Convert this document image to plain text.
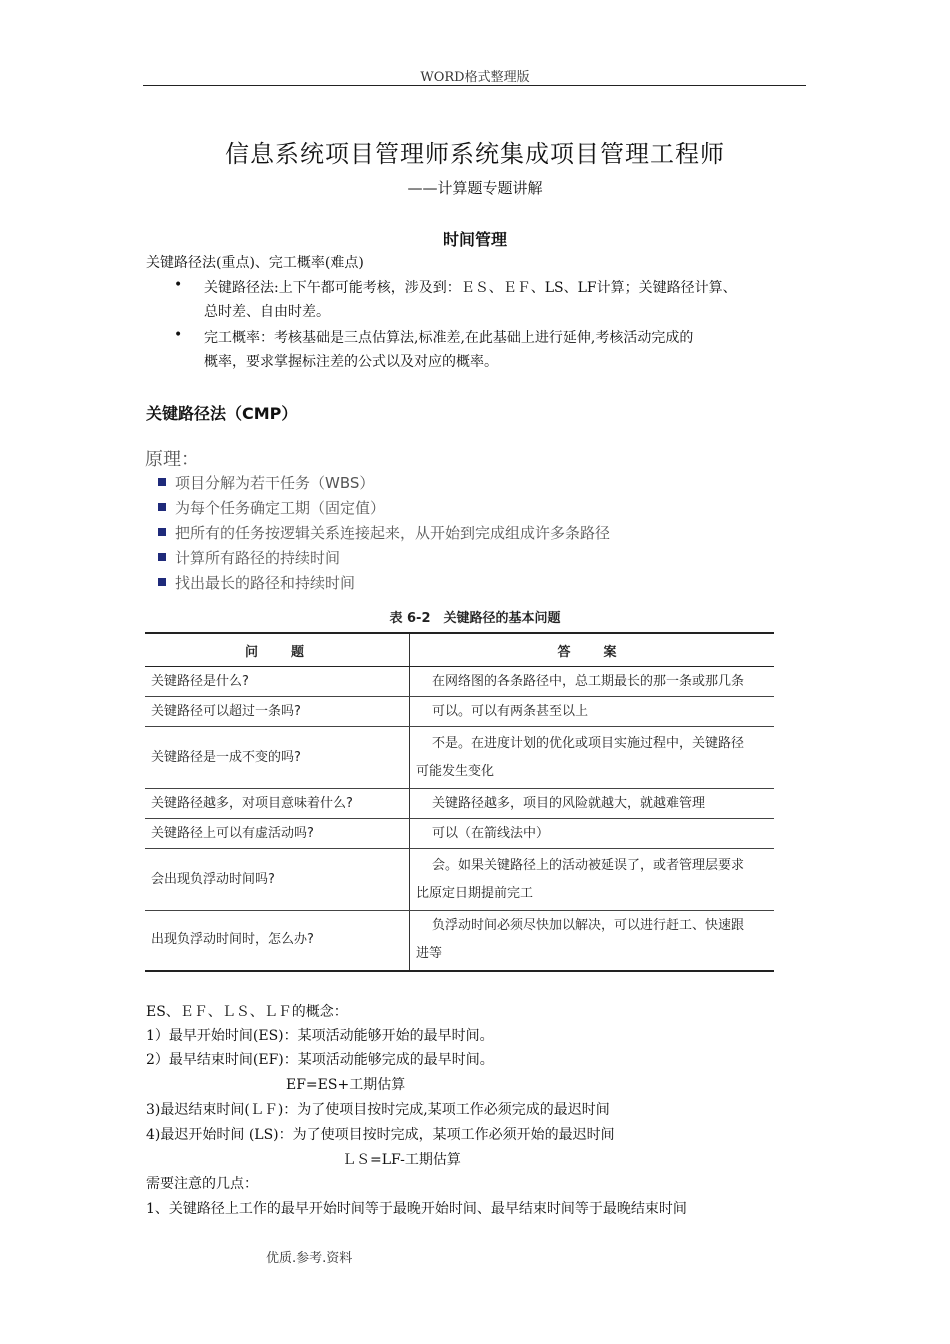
WORD格式整理版
信息系统项目管理师系统集成项目管理工程师
——计算题专题讲解
时间管理
关键路径法(重点)、完工概率(难点)
• 关键路径法:上下午都可能考核，涉及到：ＥＳ、ＥＦ、LS、LF计算；关键路径计算、
总时差、自由时差。
• 完工概率：考核基础是三点估算法,标准差,在此基础上进行延伸,考核活动完成的
概率，要求掌握标注差的公式以及对应的概率。
关键路径法（CMP）
原理：
项目分解为若干任务（WBS）
为每个任务确定工期（固定值）
把所有的任务按逻辑关系连接起来，从开始到完成组成许多条路径
计算所有路径的持续时间
找出最长的路径和持续时间
表 6-2　关键路径的基本问题
问　题	答　案
关键路径是什么?	在网络图的各条路径中，总工期最长的那一条或那几条

关键路径可以超过一条吗?	可以。可以有两条甚至以上

关键路径是一成不变的吗?	不是。在进度计划的优化或项目实施过程中，关键路径
可能发生变化

关键路径越多，对项目意味着什么?	关键路径越多，项目的风险就越大，就越难管理

关键路径上可以有虚活动吗?	可以（在箭线法中）

会出现负浮动时间吗?	会。如果关键路径上的活动被延误了，或者管理层要求
比原定日期提前完工

出现负浮动时间时，怎么办?	负浮动时间必须尽快加以解决，可以进行赶工、快速跟
进等
ES、ＥＦ、ＬＳ、ＬＦ的概念：
1）最早开始时间(ES)：某项活动能够开始的最早时间。
2）最早结束时间(EF)：某项活动能够完成的最早时间。
EF=ES+工期估算
3)最迟结束时间(ＬＦ)：为了使项目按时完成,某项工作必须完成的最迟时间
4)最迟开始时间 (LS)：为了使项目按时完成，某项工作必须开始的最迟时间
ＬＳ=LF-工期估算
需要注意的几点：
1、关键路径上工作的最早开始时间等于最晚开始时间、最早结束时间等于最晚结束时间
优质.参考.资料
